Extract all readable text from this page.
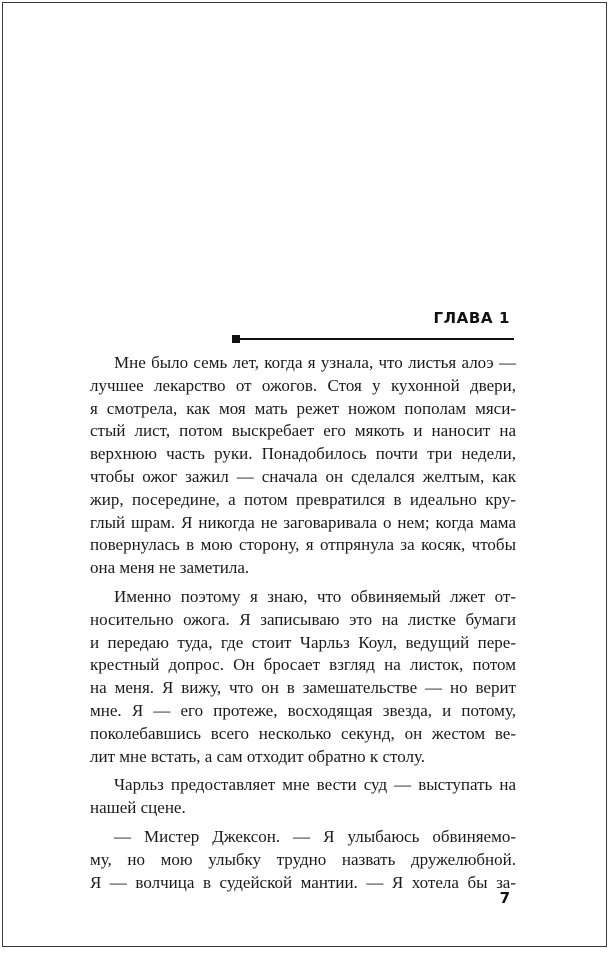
ГЛАВА 1
Мне было семь лет, когда я узнала, что листья алоэ —
лучшее лекарство от ожогов. Стоя у кухонной двери,
я смотрела, как моя мать режет ножом пополам мяси-
стый лист, потом выскребает его мякоть и наносит на
верхнюю часть руки. Понадобилось почти три недели,
чтобы ожог зажил — сначала он сделался желтым, как
жир, посередине, а потом превратился в идеально кру-
глый шрам. Я никогда не заговаривала о нем; когда мама
повернулась в мою сторону, я отпрянула за косяк, чтобы
она меня не заметила.
Именно поэтому я знаю, что обвиняемый лжет от-
носительно ожога. Я записываю это на листке бумаги
и передаю туда, где стоит Чарльз Коул, ведущий пере-
крестный допрос. Он бросает взгляд на листок, потом
на меня. Я вижу, что он в замешательстве — но верит
мне. Я — его протеже, восходящая звезда, и потому,
поколебавшись всего несколько секунд, он жестом ве-
лит мне встать, а сам отходит обратно к столу.
Чарльз предоставляет мне вести суд — выступать на
нашей сцене.
— Мистер Джексон. — Я улыбаюсь обвиняемо-
му, но мою улыбку трудно назвать дружелюбной.
Я — волчица в судейской мантии. — Я хотела бы за-
7
